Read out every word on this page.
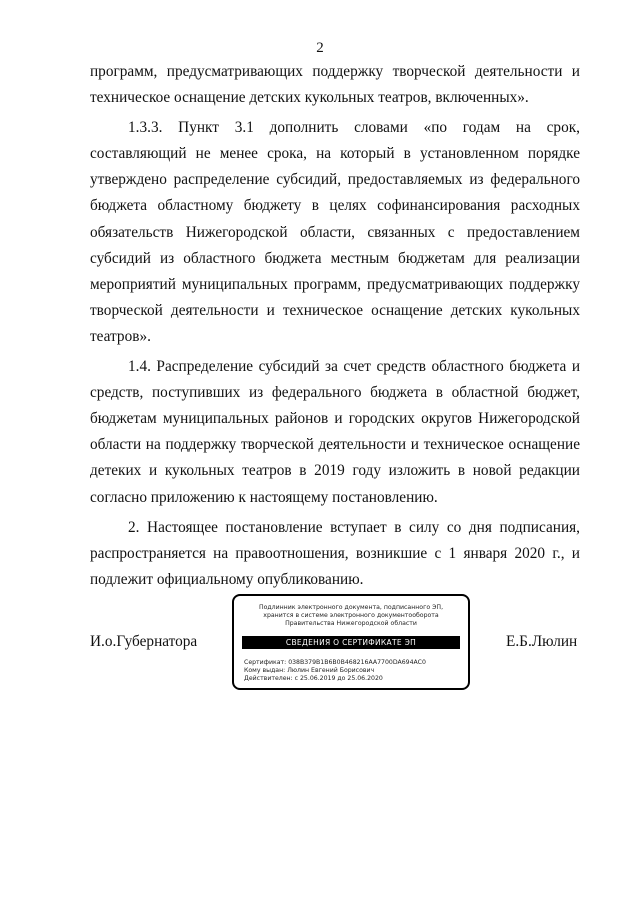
2

программ, предусматривающих поддержку творческой деятельности и техническое оснащение детских кукольных театров, включенных».

1.3.3. Пункт 3.1 дополнить словами «по годам на срок, составляющий не менее срока, на который в установленном порядке утверждено распределение субсидий, предоставляемых из федерального бюджета областному бюджету в целях софинансирования расходных обязательств Нижегородской области, связанных с предоставлением субсидий из областного бюджета местным бюджетам для реализации мероприятий муниципальных программ, предусматривающих поддержку творческой деятельности и техническое оснащение детских кукольных театров».

1.4. Распределение субсидий за счет средств областного бюджета и средств, поступивших из федерального бюджета в областной бюджет, бюджетам муниципальных районов и городских округов Нижегородской области на поддержку творческой деятельности и техническое оснащение детеких и кукольных театров в 2019 году изложить в новой редакции согласно приложению к настоящему постановлению.

2. Настоящее постановление вступает в силу со дня подписания, распространяется на правоотношения, возникшие с 1 января 2020 г., и подлежит официальному опубликованию.

И.о.Губернатора	Е.Б.Люлин
Подлинник электронного документа, подписанного ЭП,
хранится в системе электронного документооборота
Правительства Нижегородской области
СВЕДЕНИЯ О СЕРТИФИКАТЕ ЭП
Сертификат: 038B379B1B6B0B468216AA7700DA694AC0
Кому выдан: Люлин Евгений Борисович
Действителен: с 25.06.2019 до 25.06.2020
